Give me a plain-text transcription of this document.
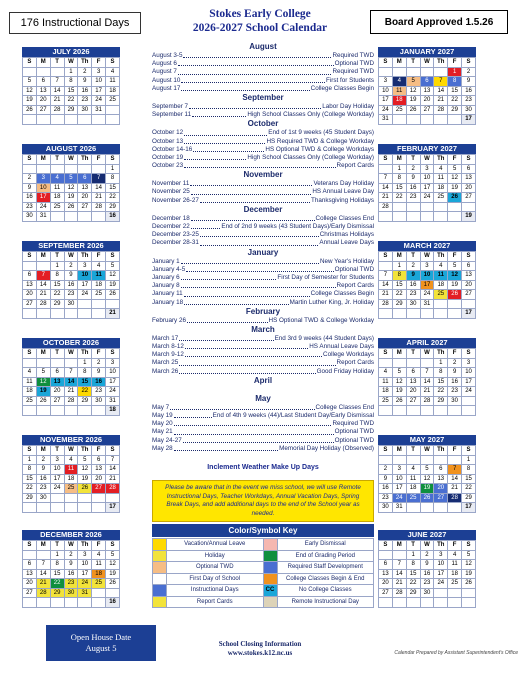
176 Instructional Days
Stokes Early College
2026-2027 School Calendar	Board Approved 1.5.26
JULY 2026
S	M	T	W	Th	F	S
			1	2	3	4
5	6	7	8	9	10	11
12	13	14	15	16	17	18
19	20	21	22	23	24	25
26	27	28	29	30	31	

AUGUST 2026
S	M	T	W	Th	F	S
						1
2	3	4	5	6	7	8
9	10	11	12	13	14	15
16	17	18	19	20	21	22
23	24	25	26	27	28	29
30	31					16
SEPTEMBER 2026
S	M	T	W	Th	F	S
		1	2	3	4	5
6	7	8	9	10	11	12
13	14	15	16	17	18	19
20	21	22	23	24	25	26
27	28	29	30			
						21
OCTOBER 2026
S	M	T	W	Th	F	S
				1	2	3
4	5	6	7	8	9	10
11	12	13	14	15	16	17
18	19	20	21	22	23	24
25	26	27	28	29	30	31
						18
NOVEMBER 2026
S	M	T	W	Th	F	S
1	2	3	4	5	6	7
8	9	10	11	12	13	14
15	16	17	18	19	20	21
22	23	24	25	26	27	28
29	30					
						17
DECEMBER 2026
S	M	T	W	Th	F	S
		1	2	3	4	5
6	7	8	9	10	11	12
13	14	15	16	17	18	19
20	21	22	23	24	25	26
27	28	29	30	31		
						16
JANUARY 2027
S	M	T	W	Th	F	S
					1	2
3	4	5	6	7	8	9
10	11	12	13	14	15	16
17	18	19	20	21	22	23
24	25	26	27	28	29	30
31						17
FEBRUARY 2027
S	M	T	W	Th	F	S
	1	2	3	4	5	6
7	8	9	10	11	12	13
14	15	16	17	18	19	20
21	22	23	24	25	26	27
28						
						19
MARCH 2027
S	M	T	W	Th	F	S
	1	2	3	4	5	6
7	8	9	10	11	12	13
14	15	16	17	18	19	20
21	22	23	24	25	26	27
28	29	30	31			
						17
APRIL 2027
S	M	T	W	Th	F	S
				1	2	3
4	5	6	7	8	9	10
11	12	13	14	15	16	17
18	19	20	21	22	23	24
25	26	27	28	29	30	

MAY 2027
S	M	T	W	Th	F	S
						1
2	3	4	5	6	7	8
9	10	11	12	13	14	15
16	17	18	19	20	21	22
23	24	25	26	27	28	29
30	31					17
JUNE 2027
S	M	T	W	Th	F	S
		1	2	3	4	5
6	7	8	9	10	11	12
13	14	15	16	17	18	19
20	21	22	23	24	25	26
27	28	29	30			

August
August 3-5	Required TWD
August 6	Optional TWD
August 7	Required TWD
August 10	First for Students
August 17	College Classes Begin
September
September 7	Labor Day Holiday
September 11	High School Classes Only (College Workday)
October
October 12	End of 1st 9 weeks (45 Student Days)
October 13	HS Required TWD & College Workday
October 14-16	HS Optional TWD & College Workdays
October 19	High School Classes Only (College Workday)
October 23	Report Cards
November
November 11	Veterans Day Holiday
November 25	HS Annual Leave Day
November 26-27	Thanksgiving Holidays
December
December 18	College Classes End
December 22	End of 2nd 9 weeks (43 Student Days)/Early Dismissal
December 23-25	Christmas Holidays
December 28-31	Annual Leave Days
January
January 1	New Year's Holiday
January 4-5	Optional TWD
January 6	First Day of Semester for Students
January 8	Report Cards
January 11	College Classes Begin
January 18	Martin Luther King, Jr. Holiday
February
February 26	HS Optional TWD & College Workday
March
March 17	End 3rd 9 weeks (44 Student Days)
March 8-12	HS Annual Leave Days
March 9-12	College Workdays
March 25	Report Cards
March 26	Good Friday Holiday
April
May
May 7	College Classes End
May 19	End of 4th 9 weeks (44)/Last Student Day/Early Dismissal
May 20	Required TWD
May 21	Optional TWD
May 24-27	Optional TWD
May 28	Memorial Day Holiday (Observed)
Inclement Weather Make Up Days
Please be aware that in the event we miss school, we will use Remote Instructional Days, Teacher Workdays, Annual Vacation Days, Spring Break Days, and add additional days to the end of the School year as needed.
Color/Symbol Key
	Vacation/Annual Leave		Early Dismissal
	Holiday		End of Grading Period
	Optional TWD		Required Staff Development
	First Day of School		College Classes Begin & End
	Instructional Days	CC	No College Classes
	Report Cards		Remote Instructional Day
Open House Date
August 5	School Closing Information
www.stokes.k12.nc.us	Calendar Prepared by Assistant Superintendent's Office
